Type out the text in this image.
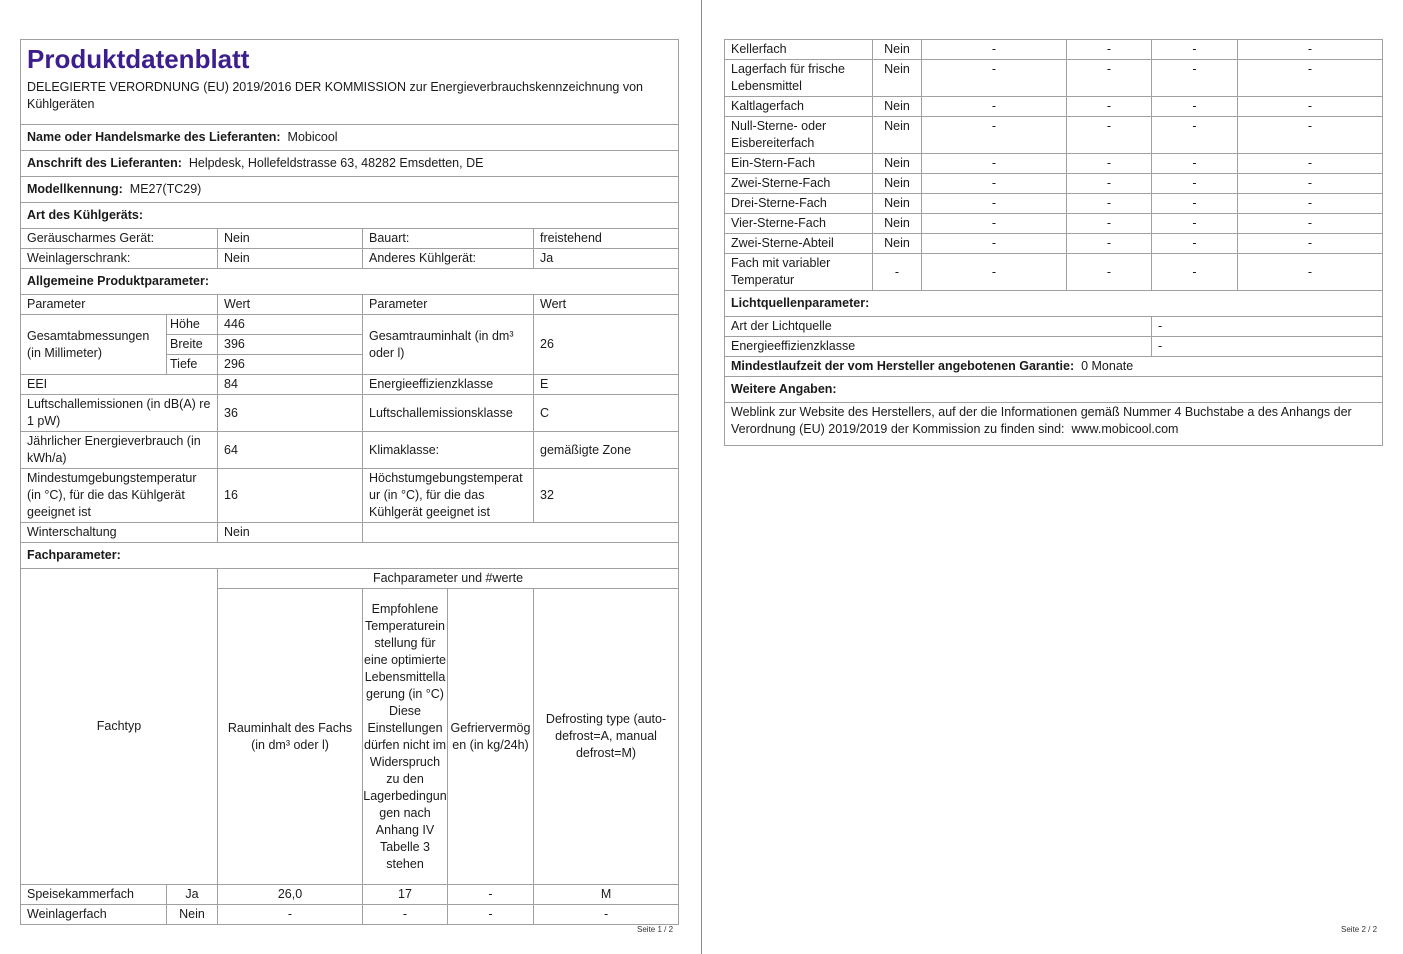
Produktdatenblatt					

DELEGIERTE VERORDNUNG (EU) 2019/2016 DER KOMMISSION zur Energieverbrauchskennzeichnung von Kühlgeräten					
Name oder Handelsmarke des Lieferanten: Mobicool					
Anschrift des Lieferanten: Helpdesk, Hollefeldstrasse 63, 48282 Emsdetten, DE					
Modellkennung: ME27(TC29)					
Art des Kühlgeräts:					
Geräuscharmes Gerät:		Nein	Bauart:		freistehend
Weinlagerschrank:		Nein	Anderes Kühlgerät:		Ja
Allgemeine Produktparameter:					
Parameter		Wert	Parameter		Wert
Gesamtabmessungen (in Millimeter)	Höhe	446	Gesamtrauminhalt (in dm³ oder l)		26
	Breite	396			
	Tiefe	296			
EEI		84	Energieeffizienzklasse		E
Luftschallemissionen (in dB(A) re 1 pW)		36	Luftschallemissionsklasse		C
Jährlicher Energieverbrauch (in kWh/a)		64	Klimaklasse:		gemäßigte Zone
Mindestumgebungstemperatur (in °C), für die das Kühlgerät geeignet ist		16	Höchstumgebungstemperatur (in °C), für die das Kühlgerät geeignet ist		32
Winterschaltung		Nein			
Fachparameter:					
Fachtyp		Fachparameter und #werte			
		Rauminhalt des Fachs (in dm³ oder l)	Empfohlene Temperatureinstellung für eine optimierte Lebensmittellagerung (in °C) Diese Einstellungen dürfen nicht im Widerspruch zu den Lagerbedingungen nach Anhang IV Tabelle 3 stehen	Gefriervermögen (in kg/24h)	Defrosting type (auto-defrost=A, manual defrost=M)
Speisekammerfach	Ja	26,0	17	-	M
Weinlagerfach	Nein	-	-	-	-
Seite 1 / 2
Kellerfach	Nein	-	-	-	-
Lagerfach für frische Lebensmittel	Nein	-	-	-	-
Kaltlagerfach	Nein	-	-	-	-
Null-Sterne- oder Eisbereiterfach	Nein	-	-	-	-
Ein-Stern-Fach	Nein	-	-	-	-
Zwei-Sterne-Fach	Nein	-	-	-	-
Drei-Sterne-Fach	Nein	-	-	-	-
Vier-Sterne-Fach	Nein	-	-	-	-
Zwei-Sterne-Abteil	Nein	-	-	-	-
Fach mit variabler Temperatur	-	-	-	-	-
Lichtquellenparameter:					
Art der Lichtquelle				-	
Energieeffizienzklasse				-	
Mindestlaufzeit der vom Hersteller angebotenen Garantie: 0 Monate					
Weitere Angaben:					
Weblink zur Website des Herstellers, auf der die Informationen gemäß Nummer 4 Buchstabe a des Anhangs der Verordnung (EU) 2019/2019 der Kommission zu finden sind: www.mobicool.com					
Seite 2 / 2
